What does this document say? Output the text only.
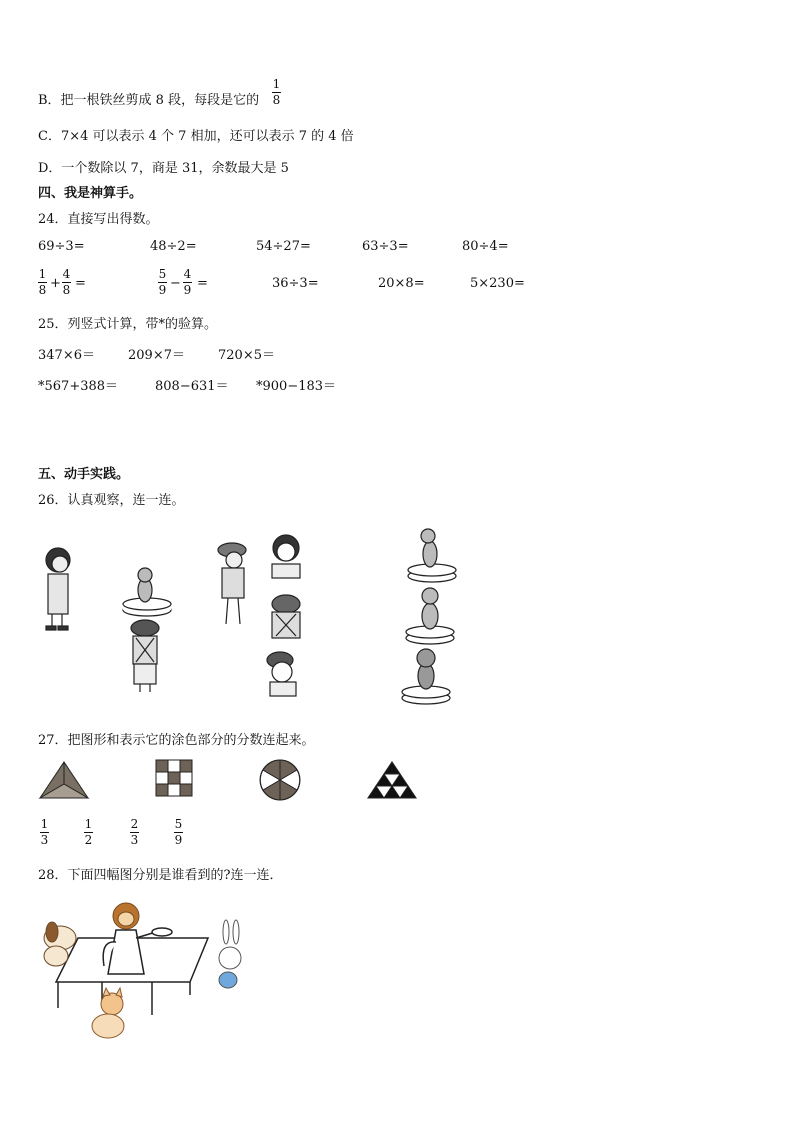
B．把一根铁丝剪成 8 段，每段是它的
1
8
C．7×4 可以表示 4 个 7 相加，还可以表示 7 的 4 倍
D．一个数除以 7，商是 31，余数最大是 5
四、我是神算手。
24．直接写出得数。
69÷3=	48÷2=	54÷27=	63÷3=	80÷4=
1
8 +
4
8 =
5
9 −
4
9 =	36÷3=	20×8=	5×230=
25．列竖式计算，带*的验算。
347×6＝	209×7＝	720×5＝
*567+388＝	808−631＝ *900−183＝
五、动手实践。
26．认真观察，连一连。
27．把图形和表示它的涂色部分的分数连起来。
1
3
1
2
2
3
5
9
28．下面四幅图分别是谁看到的?连一连．
